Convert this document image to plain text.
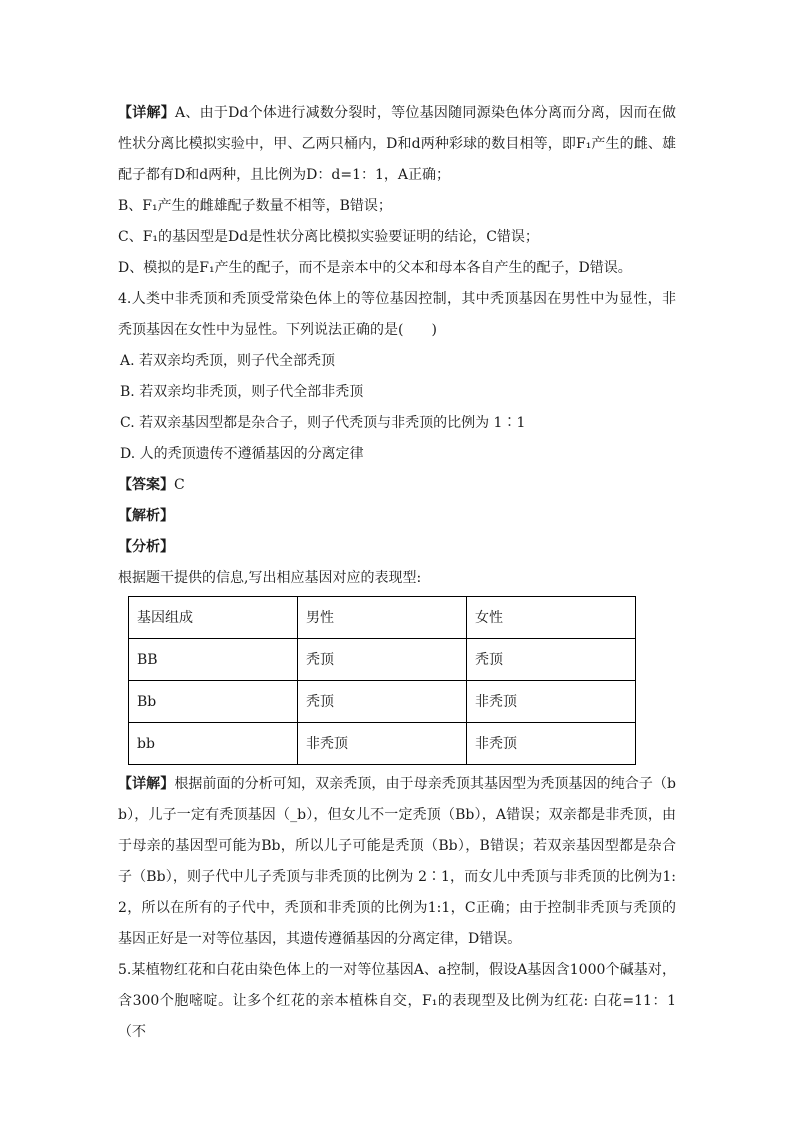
【详解】A、由于Dd个体进行减数分裂时，等位基因随同源染色体分离而分离，因而在做性状分离比模拟实验中，甲、乙两只桶内，D和d两种彩球的数目相等，即F₁产生的雌、雄配子都有D和d两种，且比例为D：d=1：1，A正确；

B、F₁产生的雌雄配子数量不相等，B错误；

C、F₁的基因型是Dd是性状分离比模拟实验要证明的结论，C错误；

D、模拟的是F₁产生的配子，而不是亲本中的父本和母本各自产生的配子，D错误。

4.人类中非秃顶和秃顶受常染色体上的等位基因控制，其中秃顶基因在男性中为显性，非秃顶基因在女性中为显性。下列说法正确的是(　　)

A. 若双亲均秃顶，则子代全部秃顶

B. 若双亲均非秃顶，则子代全部非秃顶

C. 若双亲基因型都是杂合子，则子代秃顶与非秃顶的比例为 1∶1

D. 人的秃顶遗传不遵循基因的分离定律

【答案】C

【解析】

【分析】

根据题干提供的信息,写出相应基因对应的表现型:

基因组成	男性	女性
BB	秃顶	秃顶
Bb	秃顶	非秃顶
bb	非秃顶	非秃顶

【详解】根据前面的分析可知，双亲秃顶，由于母亲秃顶其基因型为秃顶基因的纯合子（bb），儿子一定有秃顶基因（_b），但女儿不一定秃顶（Bb），A错误；双亲都是非秃顶，由于母亲的基因型可能为Bb，所以儿子可能是秃顶（Bb），B错误；若双亲基因型都是杂合子（Bb），则子代中儿子秃顶与非秃顶的比例为 2∶1，而女儿中秃顶与非秃顶的比例为1:2，所以在所有的子代中，秃顶和非秃顶的比例为1:1，C正确；由于控制非秃顶与秃顶的基因正好是一对等位基因，其遗传遵循基因的分离定律，D错误。

5.某植物红花和白花由染色体上的一对等位基因A、a控制，假设A基因含1000个碱基对，含300个胞嘧啶。让多个红花的亲本植株自交，F₁的表现型及比例为红花: 白花=11：1（不
